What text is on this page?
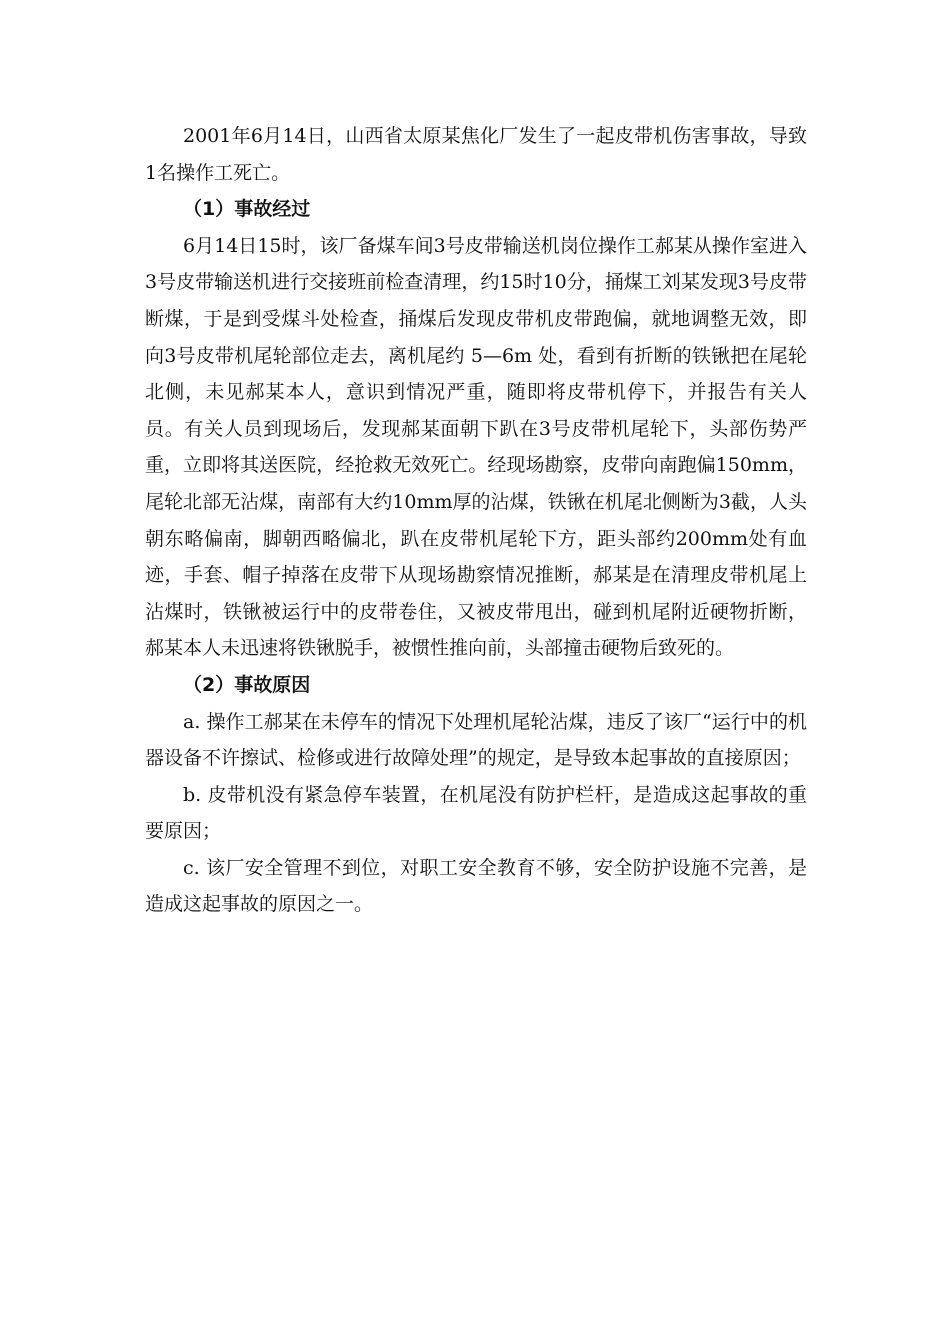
2001年6月14日，山西省太原某焦化厂发生了一起皮带机伤害事故，导致1名操作工死亡。

（1）事故经过

6月14日15时，该厂备煤车间3号皮带输送机岗位操作工郝某从操作室进入3号皮带输送机进行交接班前检查清理，约15时10分，捅煤工刘某发现3号皮带断煤，于是到受煤斗处检查，捅煤后发现皮带机皮带跑偏，就地调整无效，即向3号皮带机尾轮部位走去，离机尾约 5—6m 处，看到有折断的铁锹把在尾轮北侧，未见郝某本人，意识到情况严重，随即将皮带机停下，并报告有关人员。有关人员到现场后，发现郝某面朝下趴在3号皮带机尾轮下，头部伤势严重，立即将其送医院，经抢救无效死亡。经现场勘察，皮带向南跑偏150mm，尾轮北部无沾煤，南部有大约10mm厚的沾煤，铁锹在机尾北侧断为3截，人头朝东略偏南，脚朝西略偏北，趴在皮带机尾轮下方，距头部约200mm处有血迹，手套、帽子掉落在皮带下从现场勘察情况推断，郝某是在清理皮带机尾上沾煤时，铁锹被运行中的皮带卷住，又被皮带甩出，碰到机尾附近硬物折断，郝某本人未迅速将铁锹脱手，被惯性推向前，头部撞击硬物后致死的。

（2）事故原因

a. 操作工郝某在未停车的情况下处理机尾轮沾煤，违反了该厂“运行中的机器设备不许擦试、检修或进行故障处理”的规定，是导致本起事故的直接原因；

b. 皮带机没有紧急停车装置，在机尾没有防护栏杆，是造成这起事故的重要原因；

c. 该厂安全管理不到位，对职工安全教育不够，安全防护设施不完善，是造成这起事故的原因之一。
